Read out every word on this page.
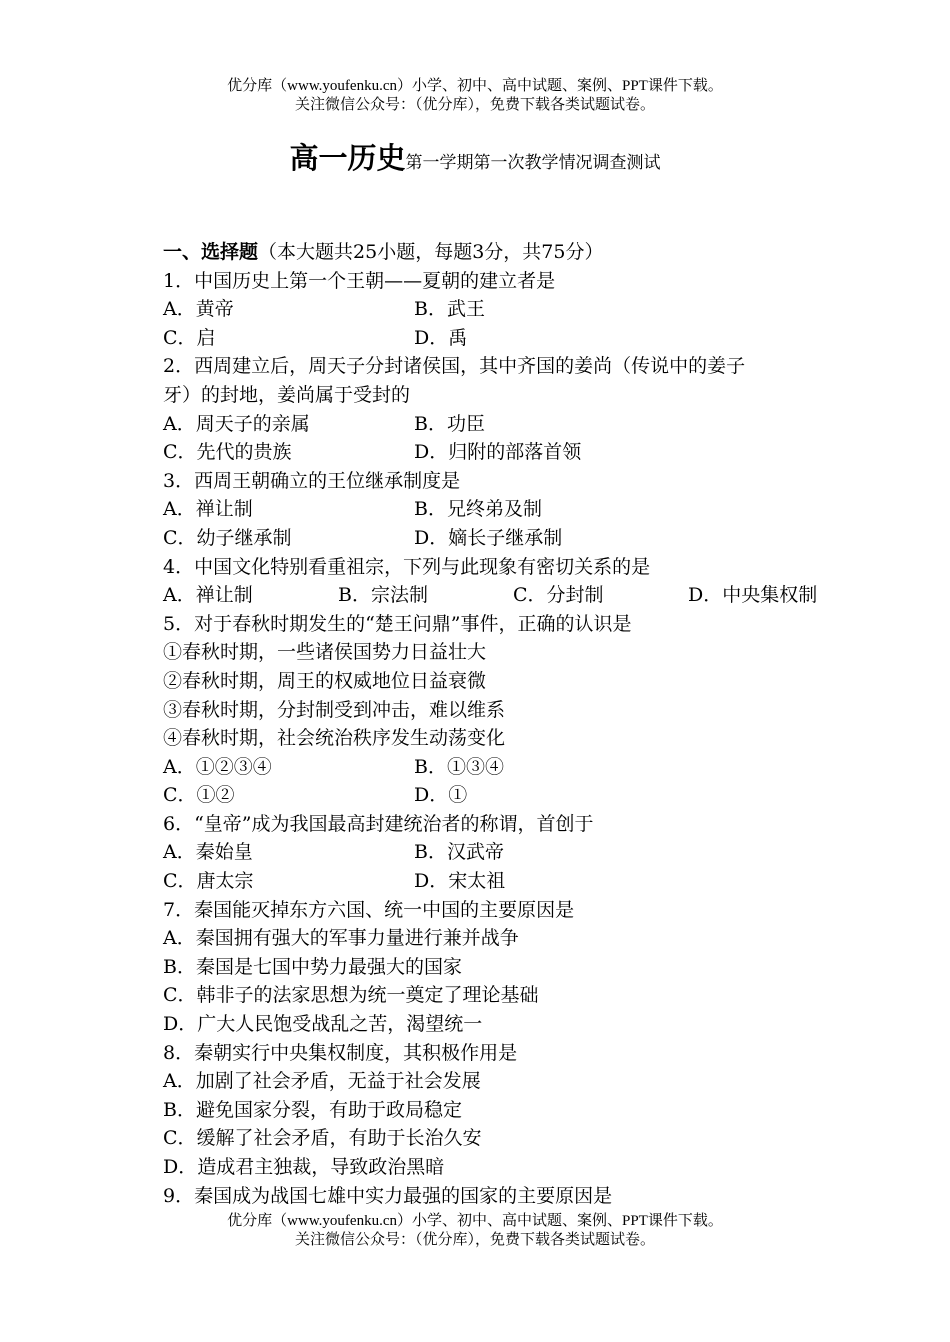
优分库（www.youfenku.cn）小学、初中、高中试题、案例、PPT课件下载。
关注微信公众号：（优分库），免费下载各类试题试卷。
高一历史第一学期第一次教学情况调查测试
一、选择题（本大题共25小题，每题3分，共75分）
1．中国历史上第一个王朝——夏朝的建立者是
A．黄帝	B．武王
C．启	D．禹
2．西周建立后，周天子分封诸侯国，其中齐国的姜尚（传说中的姜子
牙）的封地，姜尚属于受封的
A．周天子的亲属	B．功臣
C．先代的贵族	D．归附的部落首领
3．西周王朝确立的王位继承制度是
A．禅让制	B．兄终弟及制
C．幼子继承制	D．嫡长子继承制
4．中国文化特别看重祖宗，下列与此现象有密切关系的是
A．禅让制	B．宗法制	C．分封制	D．中央集权制
5．对于春秋时期发生的“楚王问鼎”事件，正确的认识是
①春秋时期，一些诸侯国势力日益壮大
②春秋时期，周王的权威地位日益衰微
③春秋时期，分封制受到冲击，难以维系
④春秋时期，社会统治秩序发生动荡变化
A．①②③④	B．①③④
C．①②	D．①
6．“皇帝”成为我国最高封建统治者的称谓，首创于
A．秦始皇	B．汉武帝
C．唐太宗	D．宋太祖
7．秦国能灭掉东方六国、统一中国的主要原因是
A．秦国拥有强大的军事力量进行兼并战争
B．秦国是七国中势力最强大的国家
C．韩非子的法家思想为统一奠定了理论基础
D．广大人民饱受战乱之苦，渴望统一
8．秦朝实行中央集权制度，其积极作用是
A．加剧了社会矛盾，无益于社会发展
B．避免国家分裂，有助于政局稳定
C．缓解了社会矛盾，有助于长治久安
D．造成君主独裁，导致政治黑暗
9．秦国成为战国七雄中实力最强的国家的主要原因是
优分库（www.youfenku.cn）小学、初中、高中试题、案例、PPT课件下载。
关注微信公众号：（优分库），免费下载各类试题试卷。
